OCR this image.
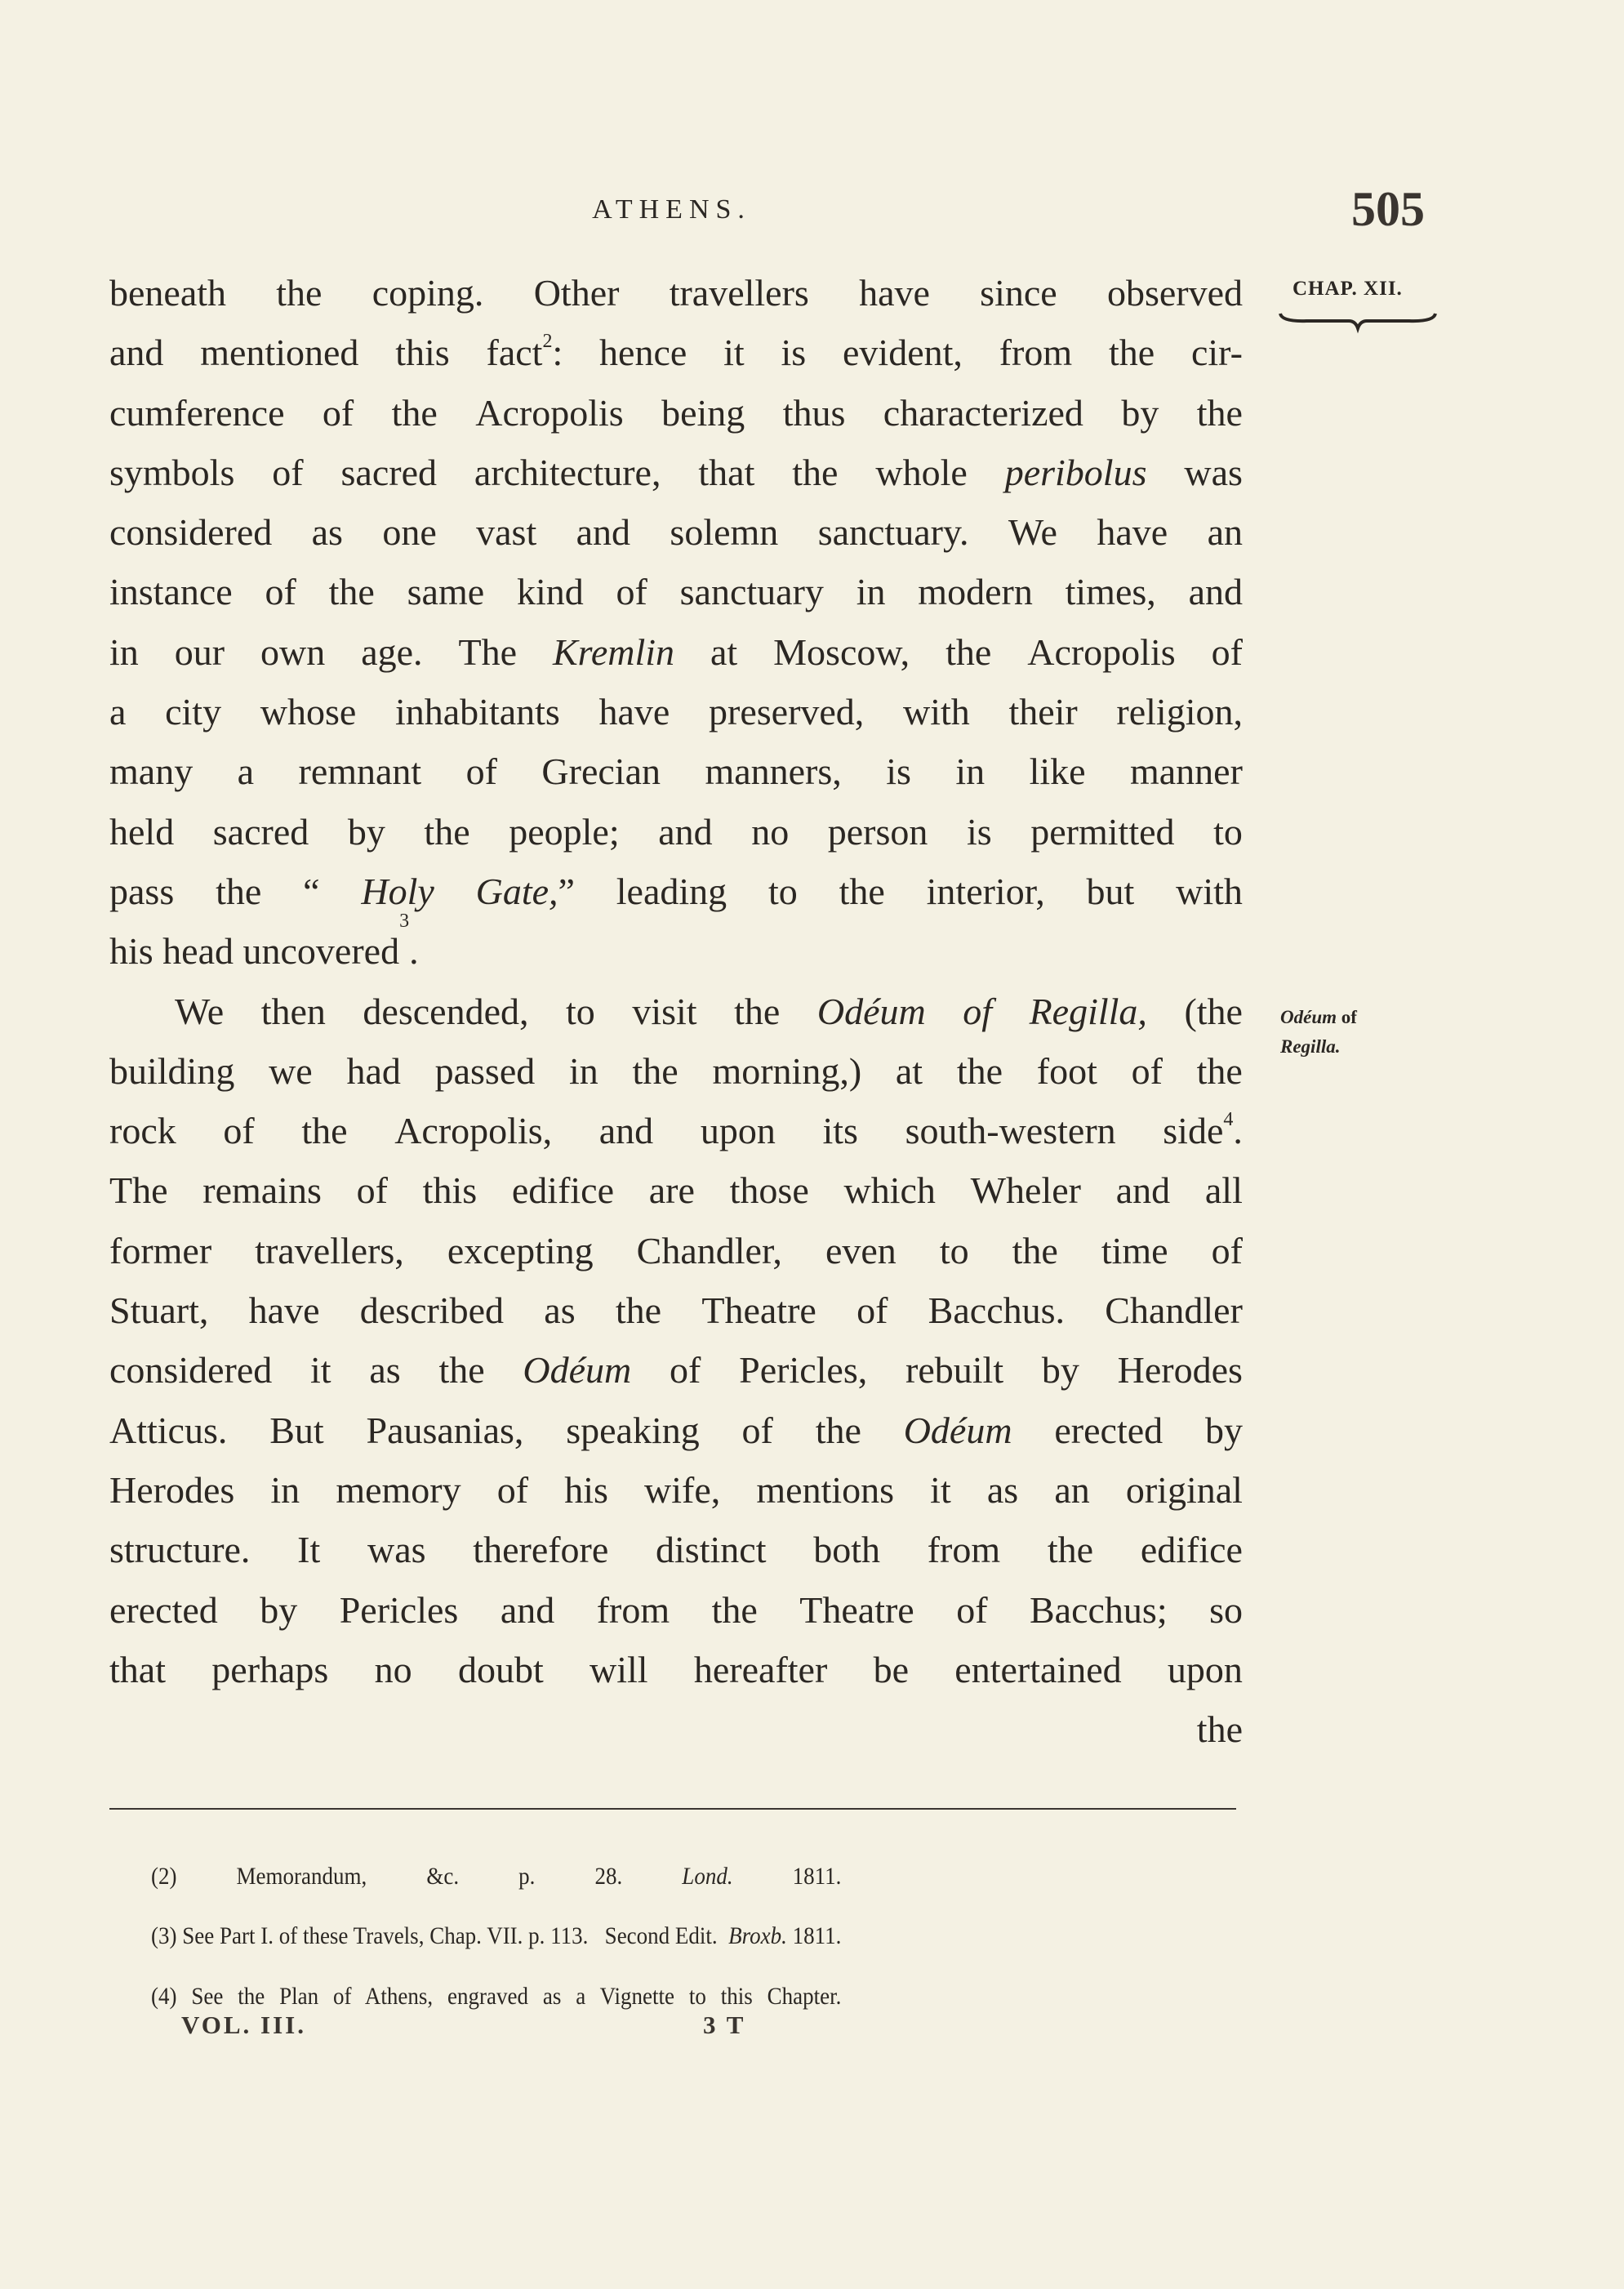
ATHENS.	505
CHAP. XII.
Odéum of
Regilla.
beneath the coping. Other travellers have since observed
and mentioned this fact$^2$: hence it is evident, from the cir-
cumference of the Acropolis being thus characterized by the
symbols of sacred architecture, that the whole peribolus was
considered as one vast and solemn sanctuary. We have an
instance of the same kind of sanctuary in modern times, and
in our own age. The Kremlin at Moscow, the Acropolis of
a city whose inhabitants have preserved, with their religion,
many a remnant of Grecian manners, is in like manner
held sacred by the people; and no person is permitted to
pass the “ Holy Gate,” leading to the interior, but with
his head uncovered
3
.
We then descended, to visit the Odéum of Regilla, (the
building we had passed in the morning,) at the foot of the
rock of the Acropolis, and upon its south-western side$^4$.
The remains of this edifice are those which Wheler and all
former travellers, excepting Chandler, even to the time of
Stuart, have described as the Theatre of Bacchus. Chandler
considered it as the Odéum of Pericles, rebuilt by Herodes
Atticus. But Pausanias, speaking of the Odéum erected by
Herodes in memory of his wife, mentions it as an original
structure. It was therefore distinct both from the edifice
erected by Pericles and from the Theatre of Bacchus; so
that perhaps no doubt will hereafter be entertained upon
the
(2) Memorandum, &c. p. 28. Lond. 1811.
(3) See Part I. of these Travels, Chap. VII. p. 113.   Second Edit.  Broxb. 1811.
(4) See the Plan of Athens, engraved as a Vignette to this Chapter.
VOL. III.	3 T
